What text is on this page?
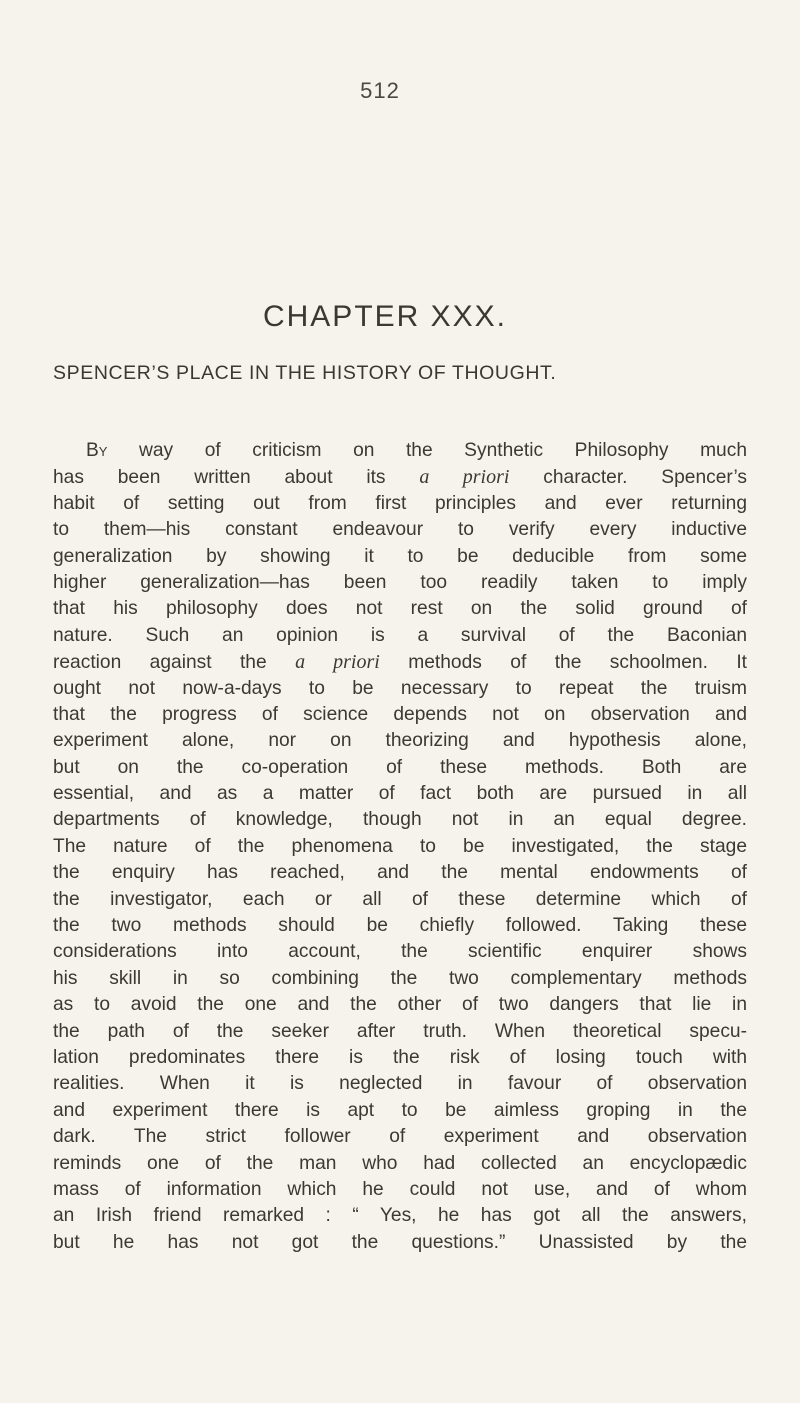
512
CHAPTER XXX.
SPENCER’S PLACE IN THE HISTORY OF THOUGHT.
By way of criticism on the Synthetic Philosophy much
has been written about its a priori character. Spencer’s
habit of setting out from first principles and ever returning
to them—his constant endeavour to verify every inductive
generalization by showing it to be deducible from some
higher generalization—has been too readily taken to imply
that his philosophy does not rest on the solid ground of
nature. Such an opinion is a survival of the Baconian
reaction against the a priori methods of the schoolmen. It
ought not now-a-days to be necessary to repeat the truism
that the progress of science depends not on observation and
experiment alone, nor on theorizing and hypothesis alone,
but on the co-operation of these methods. Both are
essential, and as a matter of fact both are pursued in all
departments of knowledge, though not in an equal degree.
The nature of the phenomena to be investigated, the stage
the enquiry has reached, and the mental endowments of
the investigator, each or all of these determine which of
the two methods should be chiefly followed. Taking these
considerations into account, the scientific enquirer shows
his skill in so combining the two complementary methods
as to avoid the one and the other of two dangers that lie in
the path of the seeker after truth. When theoretical specu-
lation predominates there is the risk of losing touch with
realities. When it is neglected in favour of observation
and experiment there is apt to be aimless groping in the
dark. The strict follower of experiment and observation
reminds one of the man who had collected an encyclopædic
mass of information which he could not use, and of whom
an Irish friend remarked : “ Yes, he has got all the answers,
but he has not got the questions.” Unassisted by the
